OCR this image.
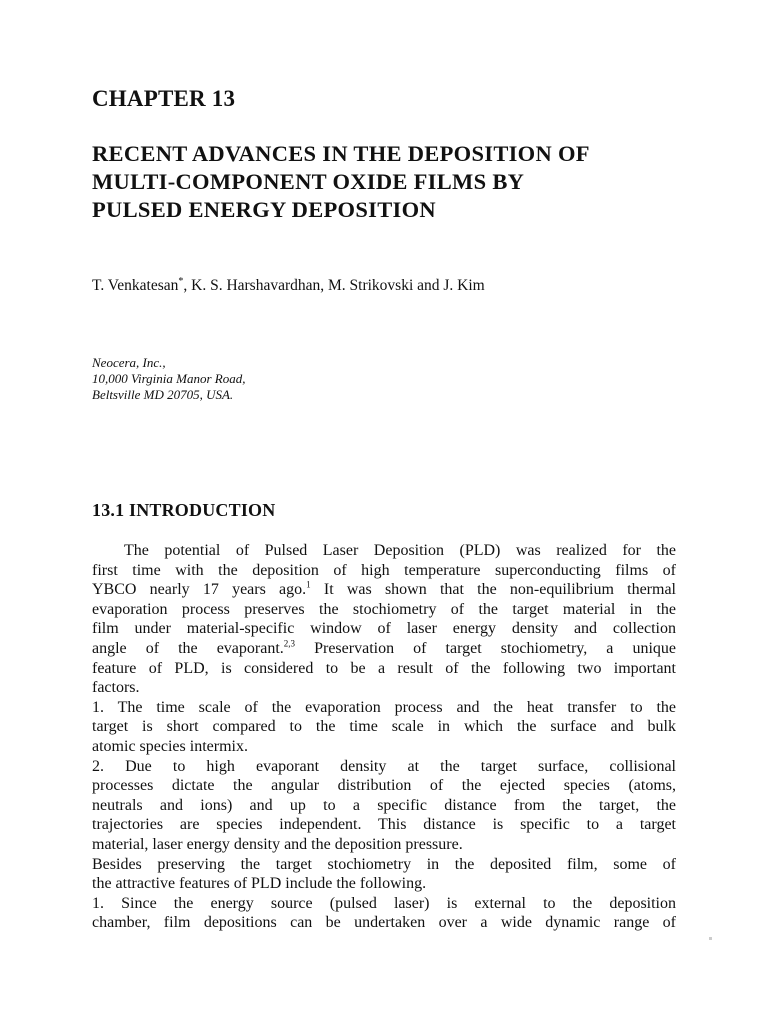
CHAPTER 13
RECENT ADVANCES IN THE DEPOSITION OF
MULTI-COMPONENT OXIDE FILMS BY
PULSED ENERGY DEPOSITION
T. Venkatesan*, K. S. Harshavardhan, M. Strikovski and J. Kim
Neocera, Inc.,
10,000 Virginia Manor Road,
Beltsville MD 20705, USA.
13.1 INTRODUCTION
The potential of Pulsed Laser Deposition (PLD) was realized for the
first time with the deposition of high temperature superconducting films of
YBCO nearly 17 years ago.$^1$ It was shown that the non-equilibrium thermal
evaporation process preserves the stochiometry of the target material in the
film under material-specific window of laser energy density and collection
angle of the evaporant.$^{2,3}$ Preservation of target stochiometry, a unique
feature of PLD, is considered to be a result of the following two important
factors.
1. The time scale of the evaporation process and the heat transfer to the
target is short compared to the time scale in which the surface and bulk
atomic species intermix.
2. Due to high evaporant density at the target surface, collisional
processes dictate the angular distribution of the ejected species (atoms,
neutrals and ions) and up to a specific distance from the target, the
trajectories are species independent. This distance is specific to a target
material, laser energy density and the deposition pressure.
Besides preserving the target stochiometry in the deposited film, some of
the attractive features of PLD include the following.
1. Since the energy source (pulsed laser) is external to the deposition
chamber, film depositions can be undertaken over a wide dynamic range of
